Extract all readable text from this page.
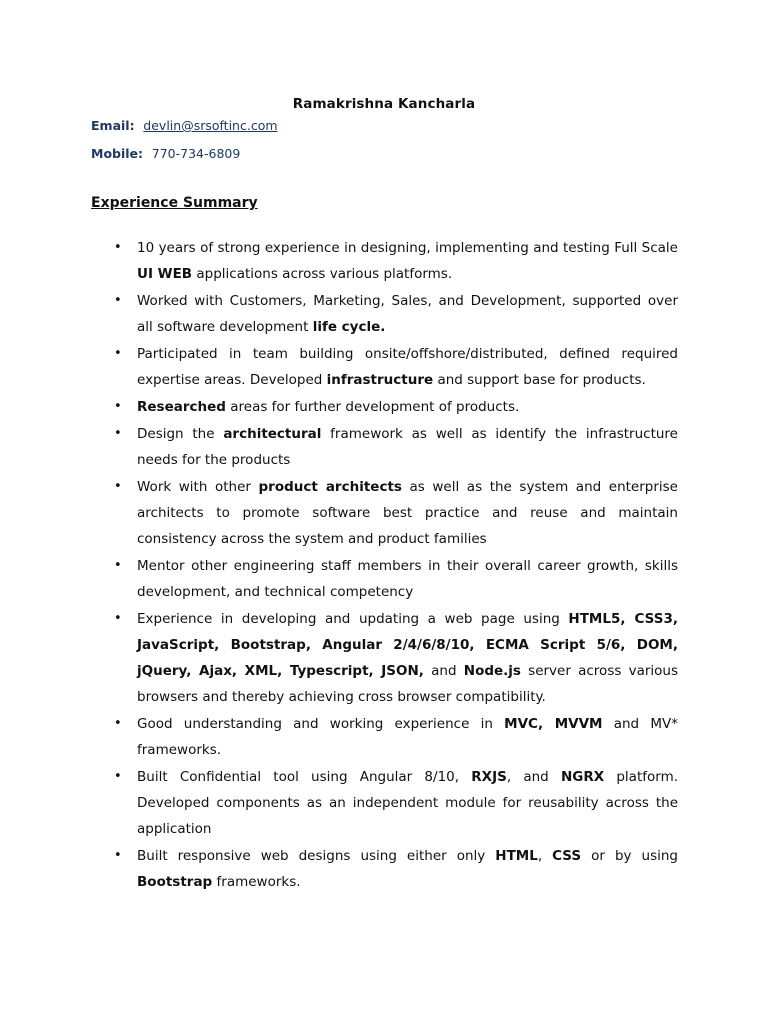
Ramakrishna Kancharla
Email: devlin@srsoftinc.com
Mobile: 770-734-6809
Experience Summary
• 10 years of strong experience in designing, implementing and testing Full Scale UI WEB applications across various platforms.
• Worked with Customers, Marketing, Sales, and Development, supported over all software development life cycle.
• Participated in team building onsite/offshore/distributed, defined required expertise areas. Developed infrastructure and support base for products.
• Researched areas for further development of products.
• Design the architectural framework as well as identify the infrastructure needs for the products
• Work with other product architects as well as the system and enterprise architects to promote software best practice and reuse and maintain consistency across the system and product families
• Mentor other engineering staff members in their overall career growth, skills development, and technical competency
• Experience in developing and updating a web page using HTML5, CSS3, JavaScript, Bootstrap, Angular 2/4/6/8/10, ECMA Script 5/6, DOM, jQuery, Ajax, XML, Typescript, JSON, and Node.js server across various browsers and thereby achieving cross browser compatibility.
• Good understanding and working experience in MVC, MVVM and MV* frameworks.
• Built Confidential tool using Angular 8/10, RXJS, and NGRX platform. Developed components as an independent module for reusability across the application
• Built responsive web designs using either only HTML, CSS or by using Bootstrap frameworks.
